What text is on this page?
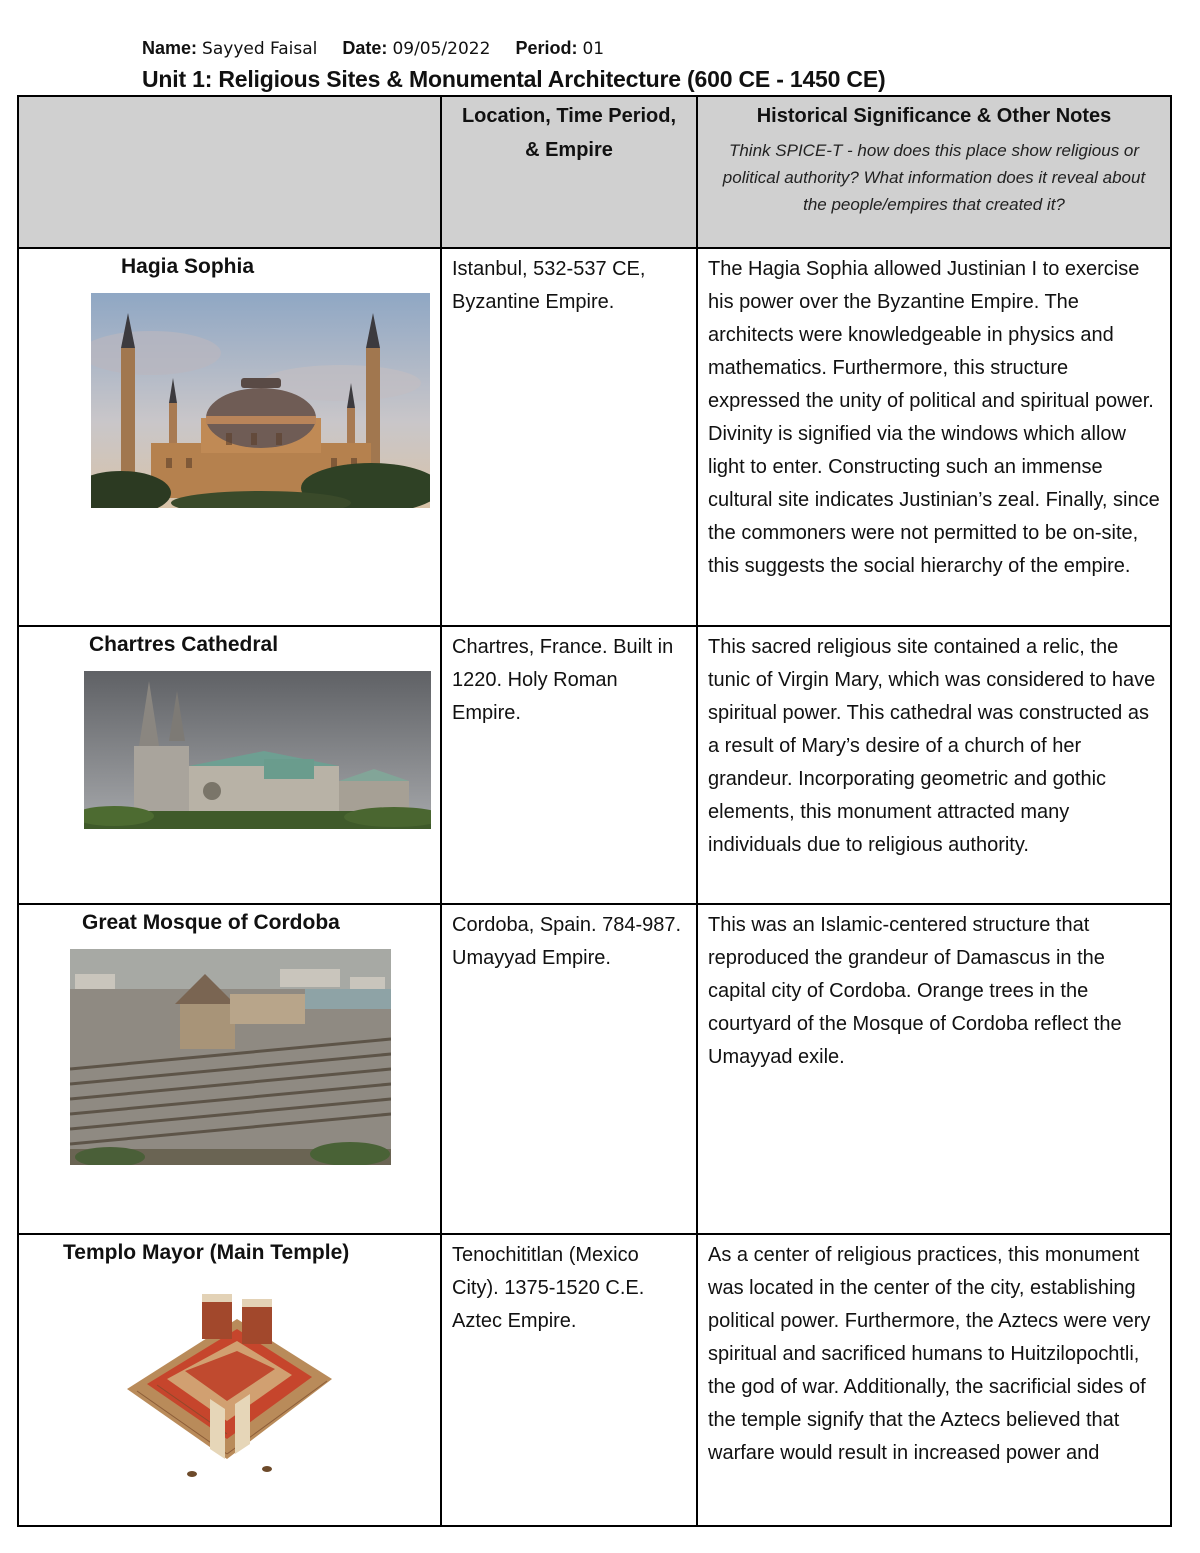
Name: Sayyed Faisal Date: 09/05/2022 Period: 01
Unit 1: Religious Sites & Monumental Architecture (600 CE - 1450 CE)

	Location, Time Period, & Empire	Historical Significance & Other Notes
Think SPICE-T - how does this place show religious or political authority? What information does it reveal about the people/empires that created it?

Hagia Sophia	Istanbul, 532-537 CE, Byzantine Empire.	The Hagia Sophia allowed Justinian I to exercise his power over the Byzantine Empire. The architects were knowledgeable in physics and mathematics. Furthermore, this structure expressed the unity of political and spiritual power. Divinity is signified via the windows which allow light to enter. Constructing such an immense cultural site indicates Justinian’s zeal. Finally, since the commoners were not permitted to be on-site, this suggests the social hierarchy of the empire.

Chartres Cathedral	Chartres, France. Built in 1220. Holy Roman Empire.	This sacred religious site contained a relic, the tunic of Virgin Mary, which was considered to have spiritual power. This cathedral was constructed as a result of Mary’s desire of a church of her grandeur. Incorporating geometric and gothic elements, this monument attracted many individuals due to religious authority.

Great Mosque of Cordoba	Cordoba, Spain. 784-987. Umayyad Empire.	This was an Islamic-centered structure that reproduced the grandeur of Damascus in the capital city of Cordoba. Orange trees in the courtyard of the Mosque of Cordoba reflect the Umayyad exile.

Templo Mayor (Main Temple)	Tenochititlan (Mexico City). 1375-1520 C.E. Aztec Empire.	As a center of religious practices, this monument was located in the center of the city, establishing political power. Furthermore, the Aztecs were very spiritual and sacrificed humans to Huitzilopochtli, the god of war. Additionally, the sacrificial sides of the temple signify that the Aztecs believed that warfare would result in increased power and
